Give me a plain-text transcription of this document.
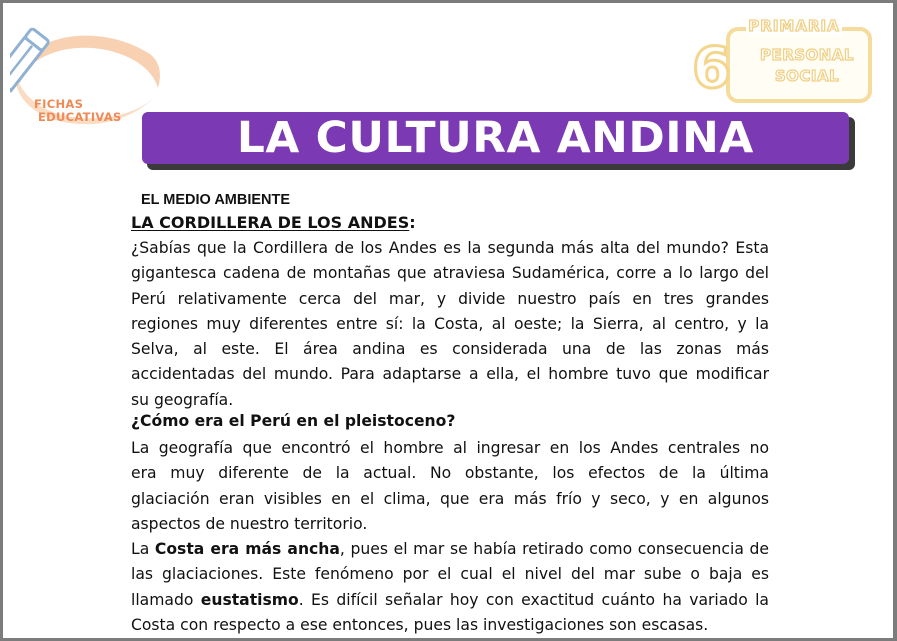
FICHAS
EDUCATIVAS
PRIMARIA
6	PERSONAL
SOCIAL
LA CULTURA ANDINA
EL MEDIO AMBIENTE
LA CORDILLERA DE LOS ANDES:
¿Sabías que la Cordillera de los Andes es la segunda más alta del mundo? Esta
gigantesca cadena de montañas que atraviesa Sudamérica, corre a lo largo del
Perú relativamente cerca del mar, y divide nuestro país en tres grandes
regiones muy diferentes entre sí: la Costa, al oeste; la Sierra, al centro, y la
Selva, al este. El área andina es considerada una de las zonas más
accidentadas del mundo. Para adaptarse a ella, el hombre tuvo que modificar
su geografía.
¿Cómo era el Perú en el pleistoceno?
La geografía que encontró el hombre al ingresar en los Andes centrales no
era muy diferente de la actual. No obstante, los efectos de la última
glaciación eran visibles en el clima, que era más frío y seco, y en algunos
aspectos de nuestro territorio.
La Costa era más ancha, pues el mar se había retirado como consecuencia de
las glaciaciones. Este fenómeno por el cual el nivel del mar sube o baja es
llamado eustatismo. Es difícil señalar hoy con exactitud cuánto ha variado la
Costa con respecto a ese entonces, pues las investigaciones son escasas.
